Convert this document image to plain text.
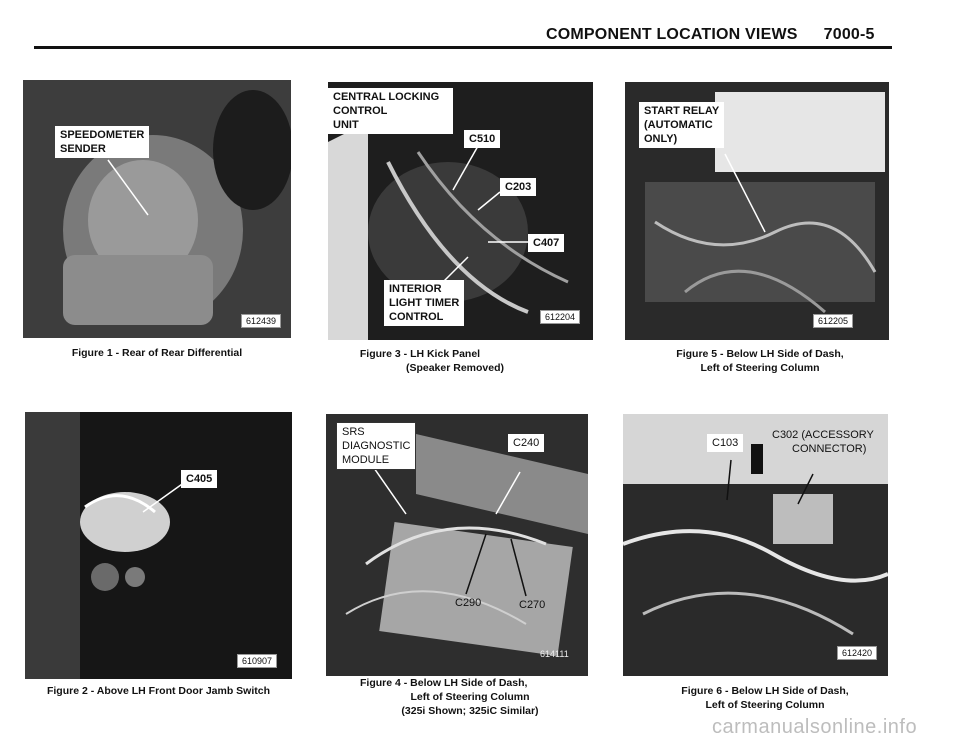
COMPONENT LOCATION VIEWS 7000-5
SPEEDOMETER
SENDER
612439
Figure 1 - Rear of Rear Differential
CENTRAL LOCKING
CONTROL
UNIT
C510
C203
C407
INTERIOR
LIGHT TIMER
CONTROL	612204
Figure 3 - LH Kick Panel
(Speaker Removed)
START RELAY
(AUTOMATIC
ONLY)
612205
Figure 5 - Below LH Side of Dash,
Left of Steering Column
C405
610907
Figure 2 - Above LH Front Door Jamb Switch
SRS
DIAGNOSTIC
MODULE
C240
C290	C270
614111
Figure 4 - Below LH Side of Dash,
Left of Steering Column
(325i Shown; 325iC Similar)
C103
C302 (ACCESSORY
CONNECTOR)
612420
Figure 6 - Below LH Side of Dash,
Left of Steering Column
carmanualsonline.info
